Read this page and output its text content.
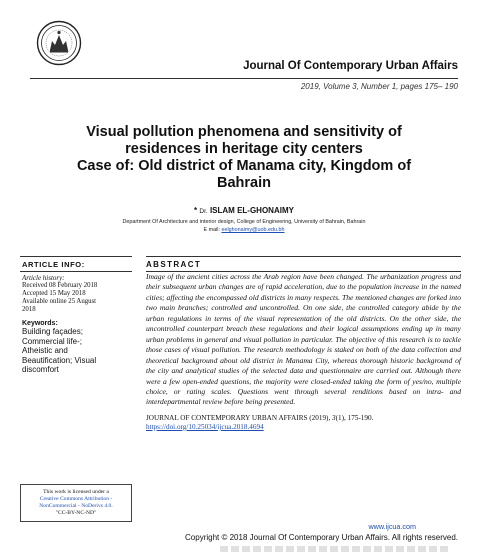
Journal Of Contemporary Urban Affairs
2019, Volume 3, Number 1, pages 175– 190
Visual pollution phenomena and sensitivity of
residences in heritage city centers
Case of: Old district of Manama city, Kingdom of
Bahrain
* Dr. ISLAM EL-GHONAIMY
Department Of Architecture and interior design, College of Engineering, University of Bahrain, Bahrain
E mail: eelghonaimy@uob.edu.bh
ARTICLE INFO:
Article history:
Received 08 February 2018
Accepted 15 May 2018
Available online 25 August
2018
Keywords:
Building façades;
Commercial life-;
Atheistic and
Beautification; Visual
discomfort
This work is licensed under a
Creative Commons Attribution - NonCommercial - NoDerivs 4.0.
"CC-BY-NC-ND"
ABSTRACT
Image of the ancient cities across the Arab region have been changed. The urbanization progress and their subsequent urban changes are of rapid acceleration, due to the population increase in the named cities; affecting the encompassed old districts in many respects. The mentioned changes are forked into two main branches; controlled and uncontrolled. On one side, the controlled category abide by the urban regulations in terms of the visual representation of the old districts. On the other side, the uncontrolled counterpart breach these regulations and their logical assumptions ending up in many urban problems in general and visual pollution in particular. The objective of this research is to tackle those cases of visual pollution. The research methodology is staked on both of the data collection and theoretical background about old district in Manama City, whereas thorough historic background of the city and analytical studies of the selected data and questionnaire are carried out. Although there were a few open-ended questions, the majority were closed-ended taking the form of yes/no, multiple choice, or rating scales. Questions went through several renditions based on intra- and interdepartmental review before being presented.
JOURNAL OF CONTEMPORARY URBAN AFFAIRS (2019), 3(1), 175-190.
https://doi.org/10.25034/ijcua.2018.4694
www.ijcua.com
Copyright © 2018 Journal Of Contemporary Urban Affairs. All rights reserved.
